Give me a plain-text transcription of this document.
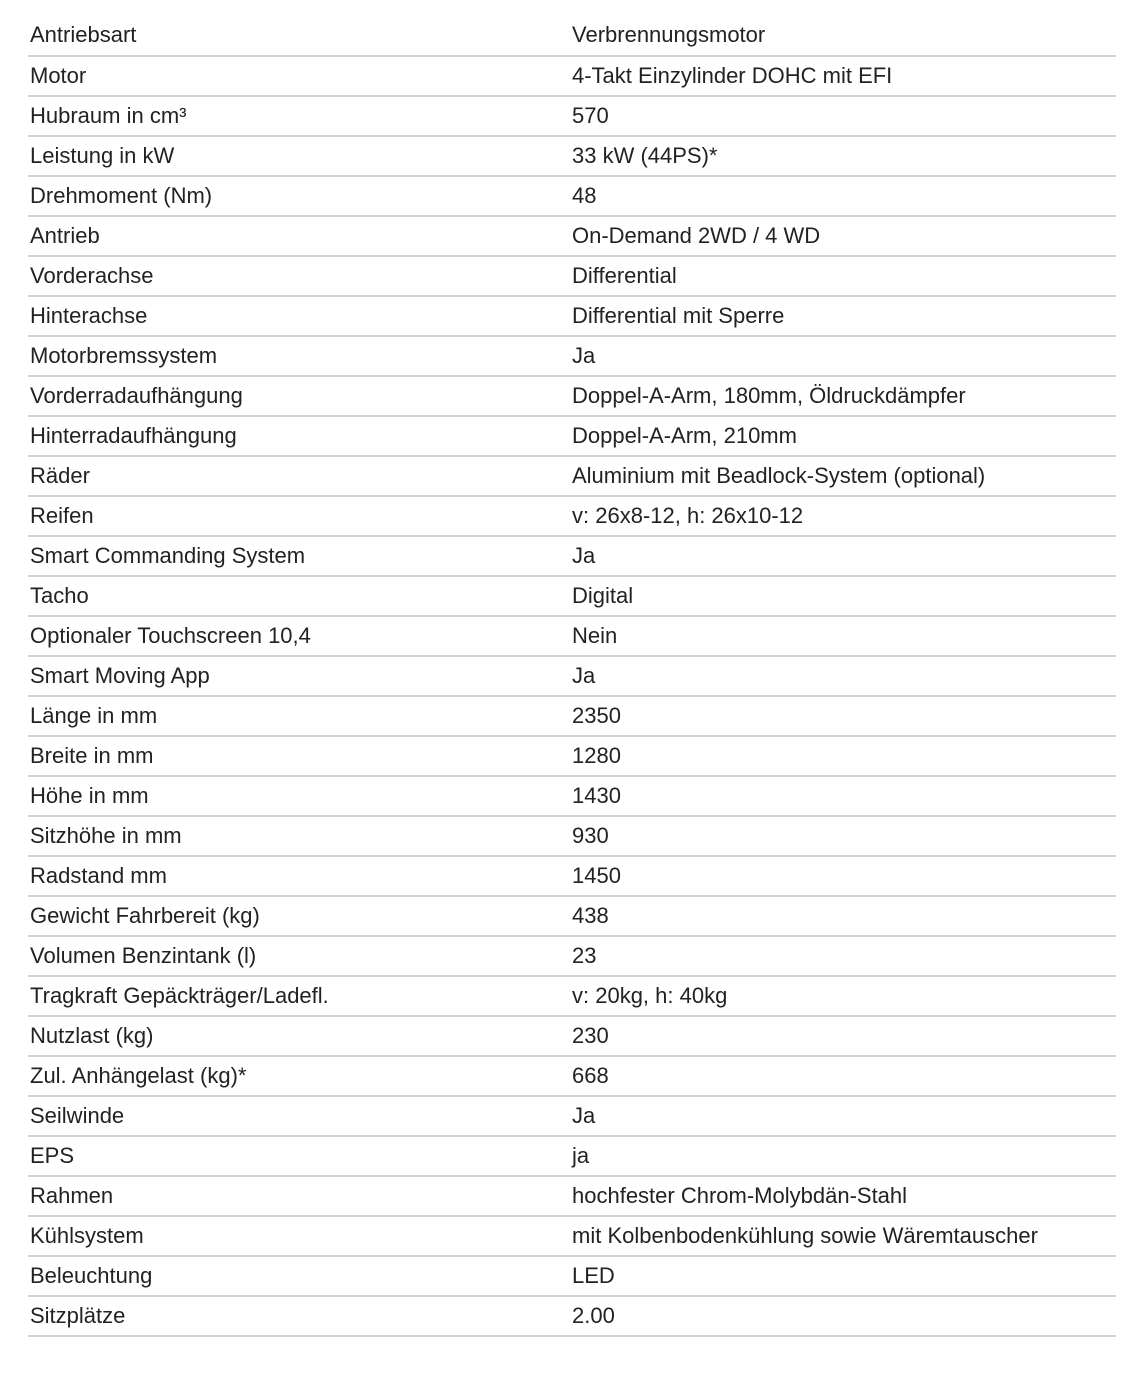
Antriebsart	Verbrennungsmotor
Motor	4-Takt Einzylinder DOHC mit EFI
Hubraum in cm³	570
Leistung in kW	33 kW (44PS)*
Drehmoment (Nm)	48
Antrieb	On-Demand 2WD / 4 WD
Vorderachse	Differential
Hinterachse	Differential mit Sperre
Motorbremssystem	Ja
Vorderradaufhängung	Doppel-A-Arm, 180mm, Öldruckdämpfer
Hinterradaufhängung	Doppel-A-Arm, 210mm
Räder	Aluminium mit Beadlock-System (optional)
Reifen	v: 26x8-12, h: 26x10-12
Smart Commanding System	Ja
Tacho	Digital
Optionaler Touchscreen 10,4	Nein
Smart Moving App	Ja
Länge in mm	2350
Breite in mm	1280
Höhe in mm	1430
Sitzhöhe in mm	930
Radstand mm	1450
Gewicht Fahrbereit (kg)	438
Volumen Benzintank (l)	23
Tragkraft Gepäckträger/Ladefl.	v: 20kg, h: 40kg
Nutzlast (kg)	230
Zul. Anhängelast (kg)*	668
Seilwinde	Ja
EPS	ja
Rahmen	hochfester Chrom-Molybdän-Stahl
Kühlsystem	mit Kolbenbodenkühlung sowie Wäremtauscher
Beleuchtung	LED
Sitzplätze	2.00
